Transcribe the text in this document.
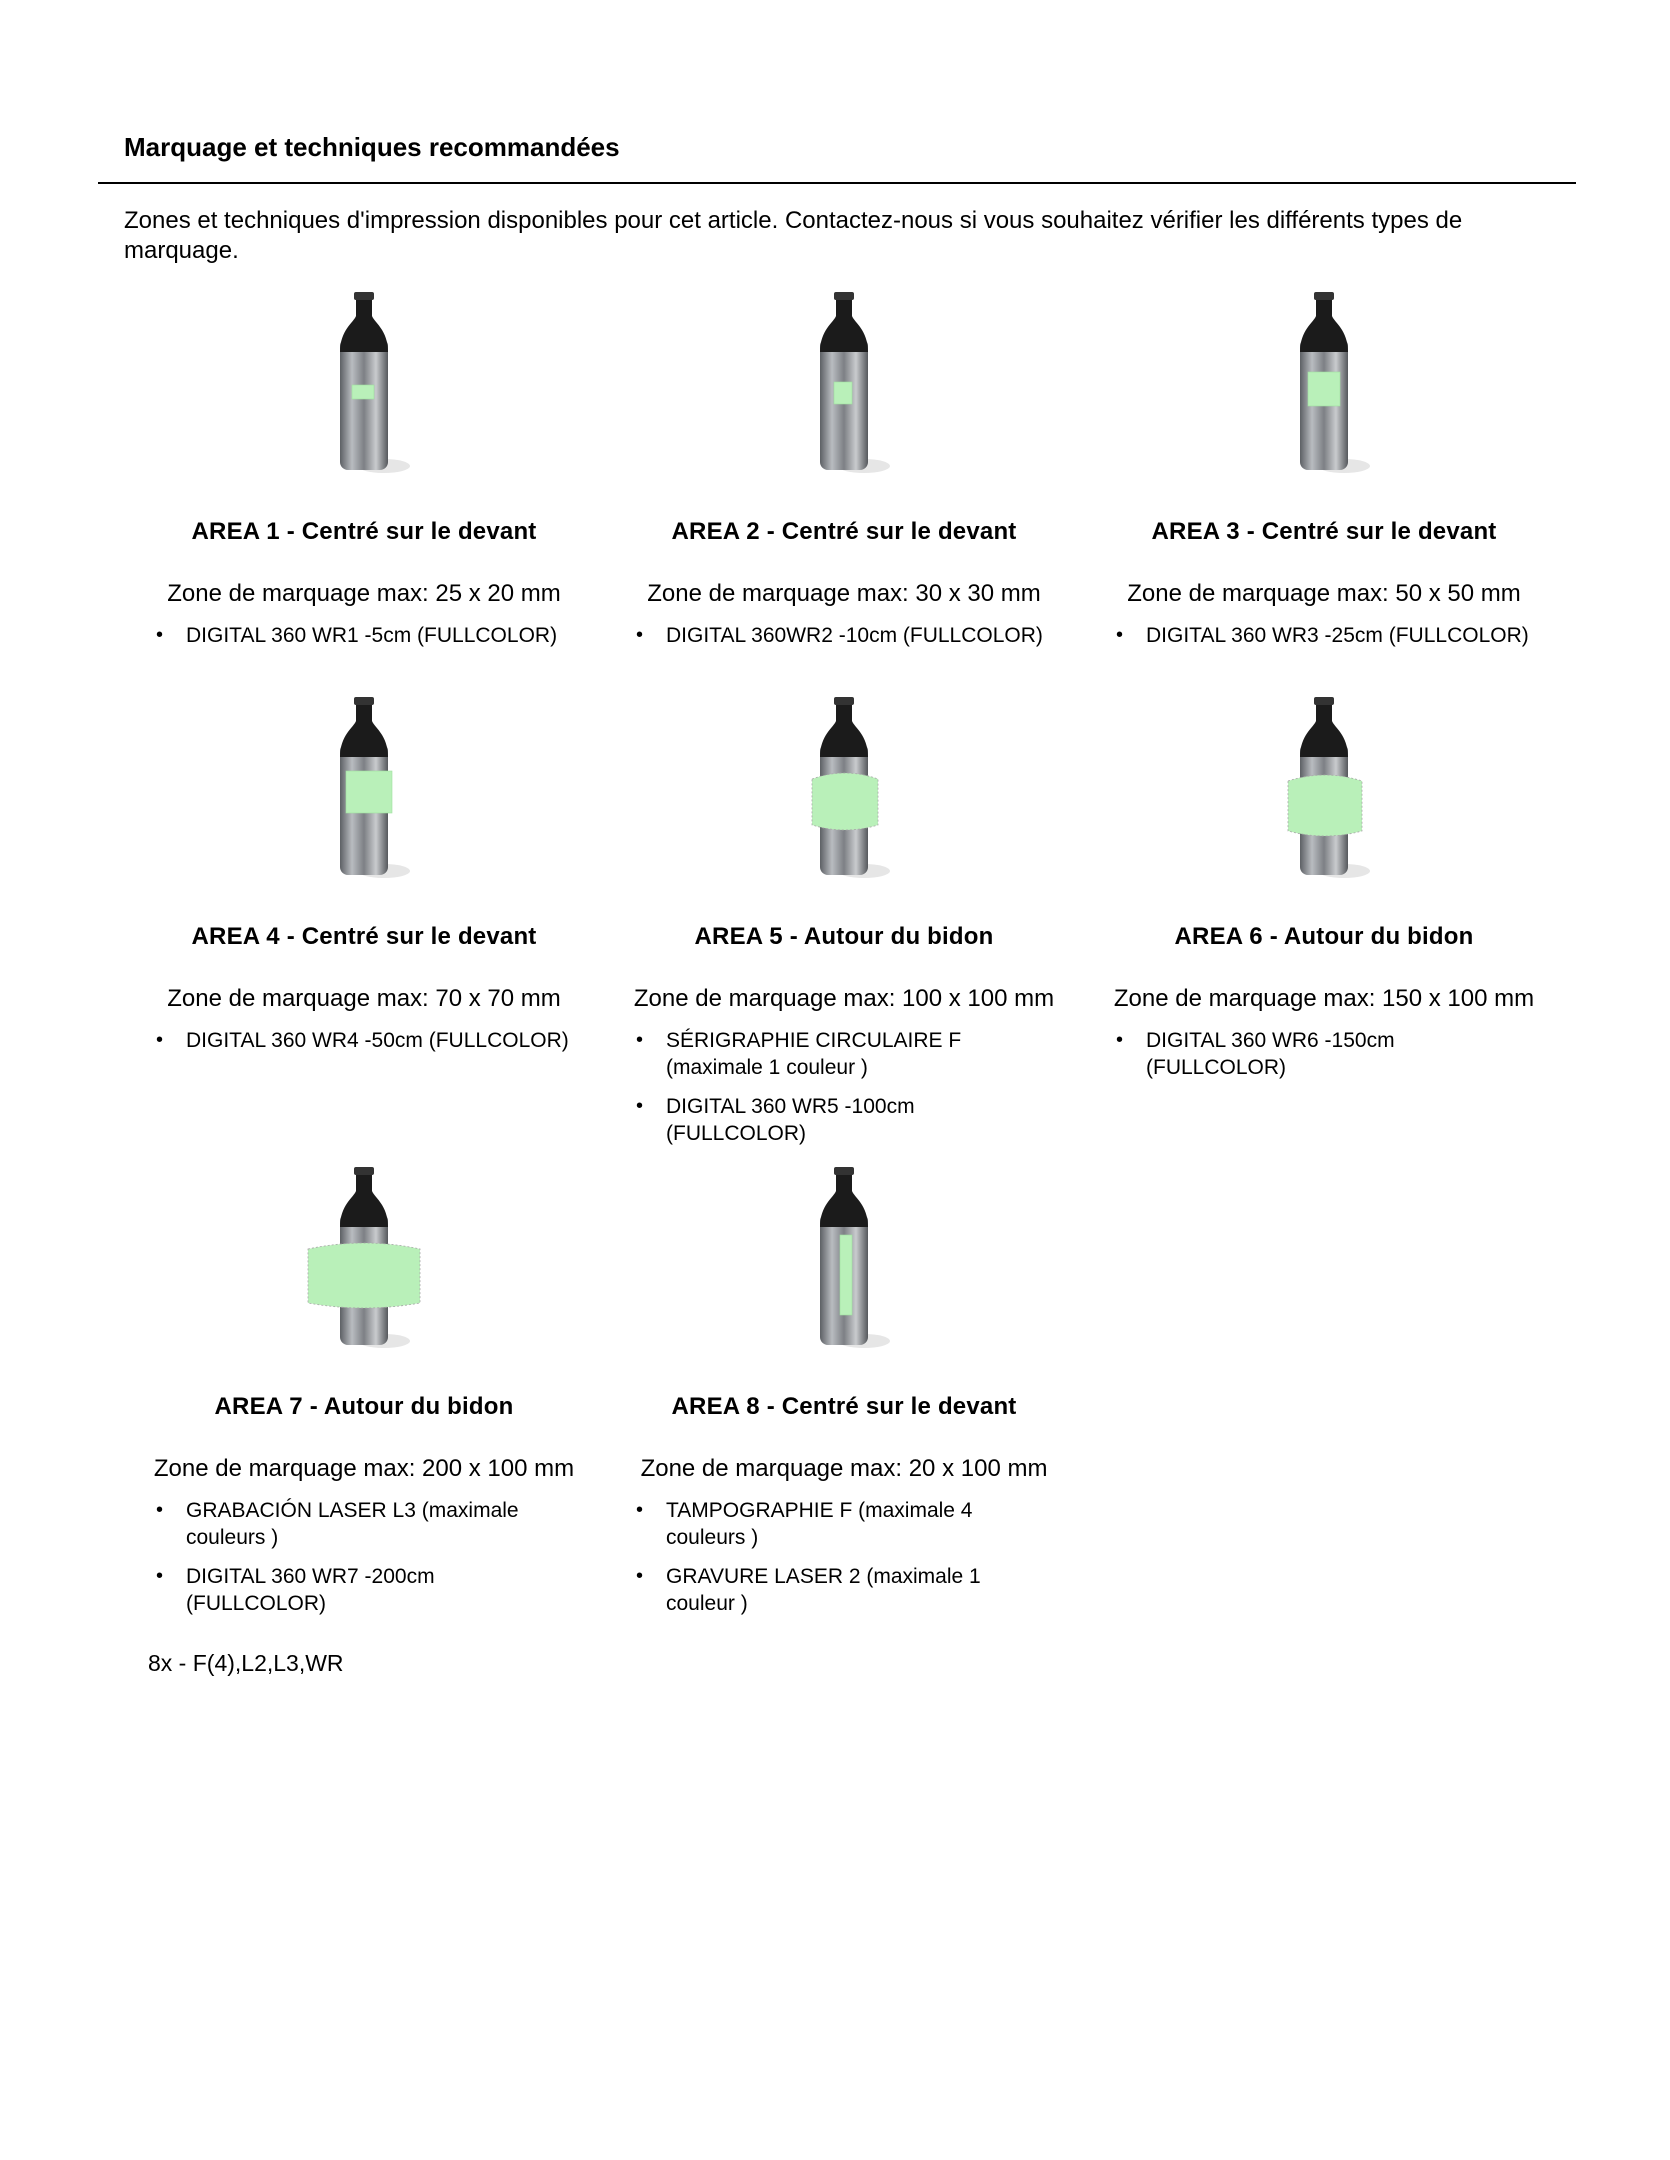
Marquage et techniques recommandées
Zones et techniques d'impression disponibles pour cet article. Contactez-nous si vous souhaitez vérifier les différents types de marquage.
AREA 1 - Centré sur le devant
Zone de marquage max: 25 x 20 mm
• DIGITAL 360 WR1 -5cm (FULLCOLOR)
AREA 2 - Centré sur le devant
Zone de marquage max: 30 x 30 mm
• DIGITAL 360WR2 -10cm (FULLCOLOR)
AREA 3 - Centré sur le devant
Zone de marquage max: 50 x 50 mm
• DIGITAL 360 WR3 -25cm (FULLCOLOR)
AREA 4 - Centré sur le devant
Zone de marquage max: 70 x 70 mm
• DIGITAL 360 WR4 -50cm (FULLCOLOR)
AREA 5 - Autour du bidon
Zone de marquage max: 100 x 100 mm
• SÉRIGRAPHIE CIRCULAIRE F (maximale 1 couleur )
• DIGITAL 360 WR5 -100cm (FULLCOLOR)
AREA 6 - Autour du bidon
Zone de marquage max: 150 x 100 mm
• DIGITAL 360 WR6 -150cm (FULLCOLOR)
AREA 7 - Autour du bidon
Zone de marquage max: 200 x 100 mm
• GRABACIÓN LASER L3 (maximale couleurs )
• DIGITAL 360 WR7 -200cm (FULLCOLOR)
AREA 8 - Centré sur le devant
Zone de marquage max: 20 x 100 mm
• TAMPOGRAPHIE F (maximale 4 couleurs )
• GRAVURE LASER 2 (maximale 1 couleur )
8x - F(4),L2,L3,WR
